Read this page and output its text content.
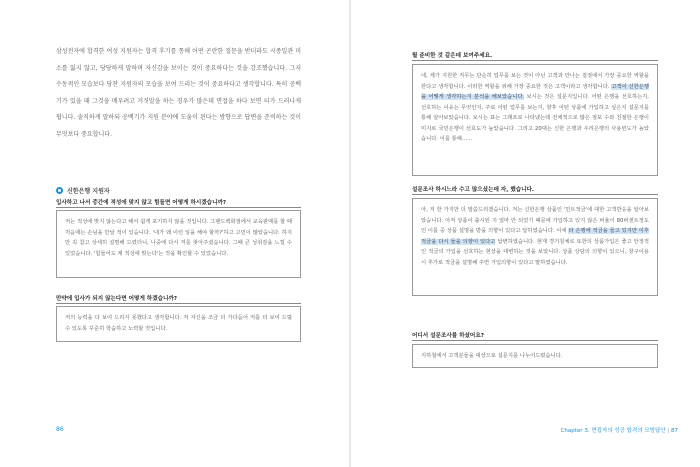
삼성전자에 합격한 여성 지원자는 합격 후기를 통해 어떤 곤란한 질문을 받더라도 시종일관 미소를 잃지 않고, 당당하게 말하며 자신감을 보이는 것이 중요하다는 것을 강조했습니다. 그저 수동적인 모습보다 당찬 지원자의 모습을 보여 드리는 것이 중요하다고 생각합니다. 특히 공백기가 있을 때 그것을 메우려고 거짓말을 하는 경우가 많은데 면접을 하다 보면 티가 드러나게 됩니다. 솔직하게 말하되 공백기가 지원 분야에 도움이 된다는 방향으로 답변을 준비하는 것이 무엇보다 중요합니다.

신한은행 지원자
입사하고 나서 중간에 적성에 맞지 않고 힘들면 어떻게 하시겠습니까?
저는 적성에 맞지 않는다고 해서 쉽게 포기하지 않을 것입니다. 그랜드백화점에서 교육판매를 할 때 처음에는 손님을 만날 적이 있습니다. '내가 왜 이런 일을 해야 할까?'하고 고민이 많았습니다. 하지만 꼭 참고 상세히 설명해 드렸더니, 나중에 다시 저를 찾아주셨습니다. 그때 큰 성취감을 느낄 수 있었습니다. '힘들어도 제 적성에 맞는다'는 것을 확인할 수 있었습니다.
만약에 입사가 되지 않는다면 어떻게 하겠습니까?
저의 능력을 다 보여 드리지 못했다고 생각합니다. 저 자신을 조금 더 가다듬어 저를 더 보여 드릴 수 있도록 꾸준히 학습하고 노력할 것입니다.
86
뭘 준비한 것 같은데 보여주세요.
네, 제가 지원한 직무는 단순히 업무를 보는 것이 아닌 고객과 만나는 접점에서 가장 중요한 역할을 한다고 생각합니다. 이러한 역할을 위해 가장 중요한 것은 고객이라고 생각합니다. 고객이 신한은행을 어떻게 생각하는지 분석을 해보았습니다. 보시는 것은 설문지입니다. 어떤 은행을 선호하는지, 선호하는 이유는 무엇인지, 주로 어떤 업무를 보는지, 향후 어떤 상품에 가입하고 싶은지 설문지를 통해 알아보았습니다. 보시는 표는 그래프로 나타냈는데 전체적으로 많은 점포 수와 친절한 은행이미지로 국민은행이 선호도가 높았습니다. 그리고 20대는 신한 은행과 우리은행의 사용빈도가 높았습니다. 이를 통해……
설문조사 하시느라 수고 많으셨는데 자, 했습니다.
아, 저 한 가지만 더 말씀드리겠습니다. 저는 신한은행 상품인 '민트적금'에 대한 고객반응을 알아보았습니다. 아직 상품이 출시된 지 얼마 안 되었기 때문에 가입하고 있지 않은 비율이 80퍼센트정도인 이를 중 상품 설명을 받을 의향이 있다고 답하였습니다. 이에 타 은행에 적금을 들고 있지만 이후 적금을 다시 들을 의향이 있다고 답변하였습니다. 현재 경기침체로 또한의 상품가입은 좋고 안정적인 적금의 가입을 선호하는 현상을 대변하는 것을 보았니다. 상품 상담의 의향이 있으니, 창구이용 시 추가로 적금을 설명해 주면 가입의향이 있다고 말하였습니다.
어디서 설문조사를 하셨어요?
지하철에서 고객분들을 대상으로 설문지를 나누어드렸습니다.
Chapter 3. 면접자의 성공 합격의 모범답안 | 87
